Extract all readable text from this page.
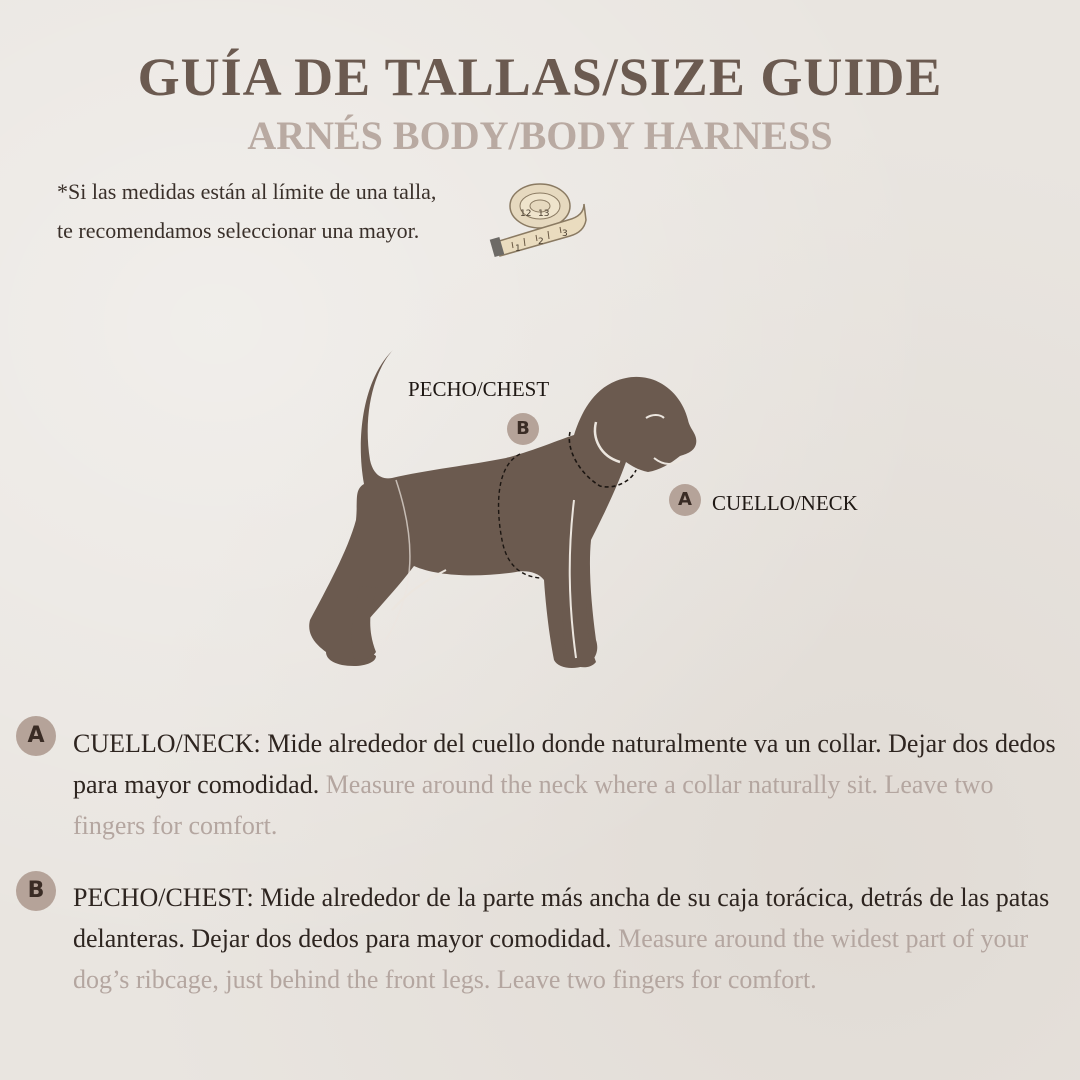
GUÍA DE TALLAS/SIZE GUIDE
ARNÉS BODY/BODY HARNESS

*Si las medidas están al límite de una talla, te recomendamos seleccionar una mayor.

1
2
3
12 13
PECHO/CHEST
B
A CUELLO/NECK
A	CUELLO/NECK: Mide alrededor del cuello donde naturalmente va un collar. Dejar dos dedos para mayor comodidad. Measure around the neck where a collar naturally sit. Leave two fingers for comfort.

B	PECHO/CHEST: Mide alrededor de la parte más ancha de su caja torácica, detrás de las patas delanteras. Dejar dos dedos para mayor comodidad. Measure around the widest part of your dog’s ribcage, just behind the front legs. Leave two fingers for comfort.
